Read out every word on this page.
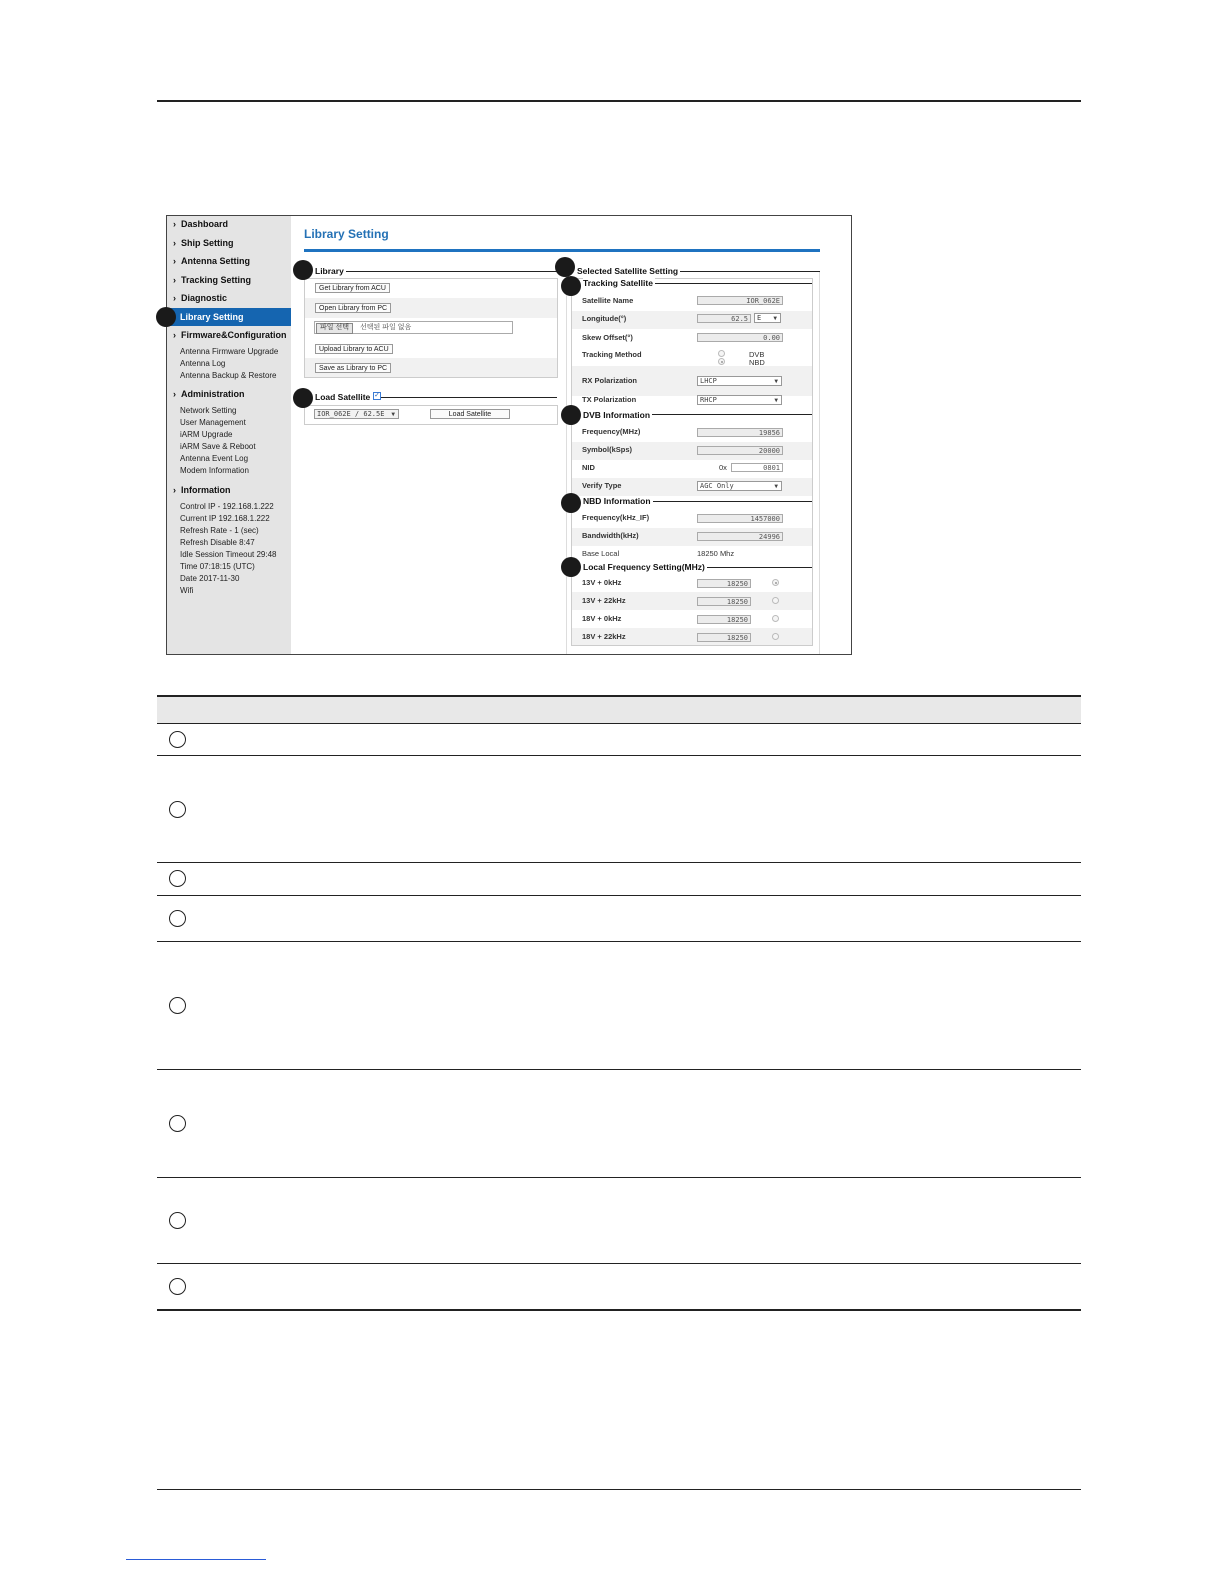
› Dashboard
› Ship Setting
› Antenna Setting
› Tracking Setting
› Diagnostic
Library Setting
› Firmware&Configuration
Antenna Firmware Upgrade
Antenna Log
Antenna Backup & Restore
› Administration
Network Setting
User Management
iARM Upgrade
iARM Save & Reboot
Antenna Event Log
Modem Information
› Information
Control IP - 192.168.1.222
Current IP 192.168.1.222
Refresh Rate - 1 (sec)
Refresh Disable 8:47
Idle Session Timeout 29:48
Time 07:18:15 (UTC)
Date 2017-11-30
Wifi
Library Setting
Library
Get Library from ACU
Open Library from PC
파일 선택	선택된 파일 없음
Upload Library to ACU
Save as Library to PC
Load Satellite ✓
IOR_062E / 62.5E ▼	Load Satellite
Selected Satellite Setting
Tracking Satellite
Satellite Name	IOR_062E
Longitude(°)	62.5	E ▼
Skew Offset(°)	0.00
Tracking Method	DVB
NBD
RX Polarization	LHCP	▼
TX Polarization	RHCP	▼
DVB Information
Frequency(MHz)	19856
Symbol(kSps)	20000
NID	0x	0801
Verify Type	AGC Only	▼
NBD Information
Frequency(kHz_IF)	1457000
Bandwidth(kHz)	24996
Base Local	18250 Mhz
Local Frequency Setting(MHz)
13V + 0kHz	18250
13V + 22kHz	18250
18V + 0kHz	18250
18V + 22kHz	18250
